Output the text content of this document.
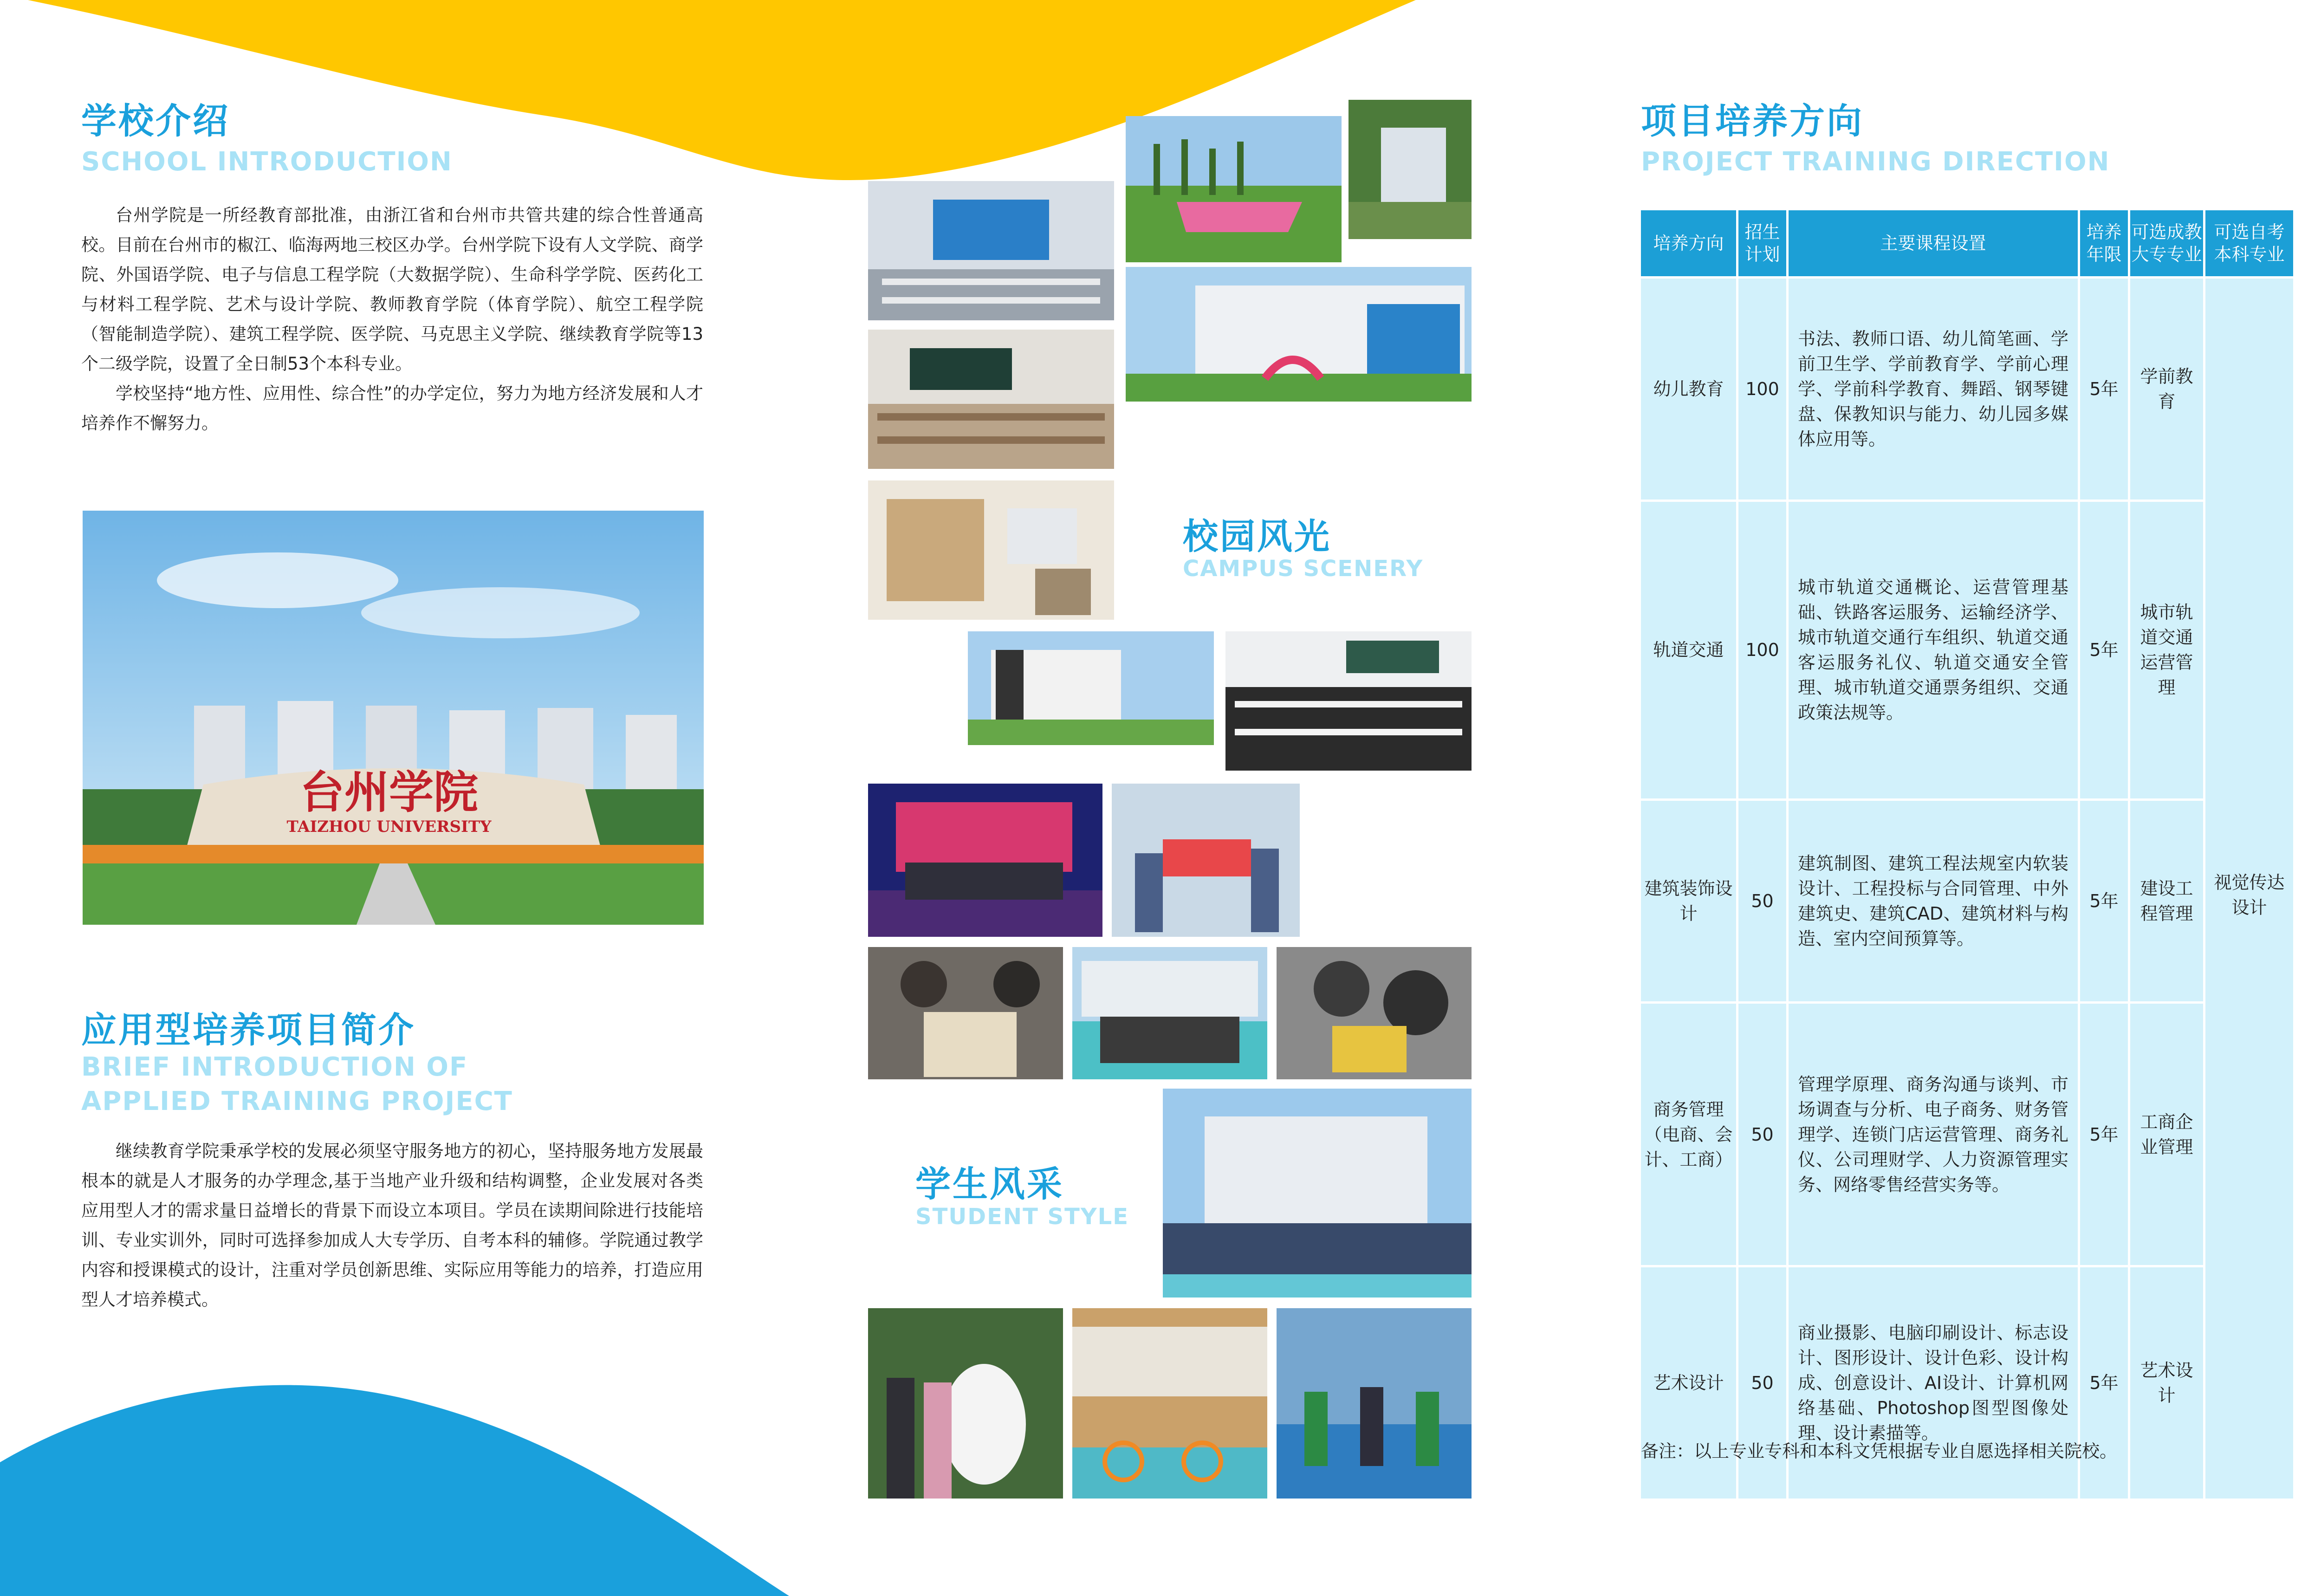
学校介绍
SCHOOL INTRODUCTION

台州学院是一所经教育部批准，由浙江省和台州市共管共建的综合性普通高校。目前在台州市的椒江、临海两地三校区办学。台州学院下设有人文学院、商学院、外国语学院、电子与信息工程学院（大数据学院）、生命科学学院、医药化工与材料工程学院、艺术与设计学院、教师教育学院（体育学院）、航空工程学院（智能制造学院）、建筑工程学院、医学院、马克思主义学院、继续教育学院等13个二级学院，设置了全日制53个本科专业。

学校坚持“地方性、应用性、综合性”的办学定位，努力为地方经济发展和人才培养作不懈努力。

台州学院
TAIZHOU UNIVERSITY
应用型培养项目简介
BRIEF INTRODUCTION OF
APPLIED TRAINING PROJECT

继续教育学院秉承学校的发展必须坚守服务地方的初心，坚持服务地方发展最根本的就是人才服务的办学理念,基于当地产业升级和结构调整，企业发展对各类应用型人才的需求量日益增长的背景下而设立本项目。学员在读期间除进行技能培训、专业实训外，同时可选择参加成人大专学历、自考本科的辅修。学院通过教学内容和授课模式的设计，注重对学员创新思维、实际应用等能力的培养，打造应用型人才培养模式。

校园风光
CAMPUS SCENERY
学生风采
STUDENT STYLE
项目培养方向
PROJECT TRAINING DIRECTION
培养方向	招生计划	主要课程设置	培养年限	可选成教大专专业	可选自考本科专业
幼儿教育	100	书法、教师口语、幼儿简笔画、学前卫生学、学前教育学、学前心理学、学前科学教育、舞蹈、钢琴键盘、保教知识与能力、幼儿园多媒体应用等。	5年	学前教育	视觉传达设计

轨道交通	100	城市轨道交通概论、运营管理基础、铁路客运服务、运输经济学、城市轨道交通行车组织、轨道交通客运服务礼仪、轨道交通安全管理、城市轨道交通票务组织、交通政策法规等。	5年	城市轨道交通运营管理	
建筑装饰设计	50	建筑制图、建筑工程法规室内软装设计、工程投标与合同管理、中外建筑史、建筑CAD、建筑材料与构造、室内空间预算等。	5年	建设工程管理	
商务管理（电商、会计、工商）	50	管理学原理、商务沟通与谈判、市场调查与分析、电子商务、财务管理学、连锁门店运营管理、商务礼仪、公司理财学、人力资源管理实务、网络零售经营实务等。	5年	工商企业管理	
艺术设计	50	商业摄影、电脑印刷设计、标志设计、图形设计、设计色彩、设计构成、创意设计、AI设计、计算机网络基础、Photoshop图型图像处理、设计素描等。	5年	艺术设计	
备注：以上专业专科和本科文凭根据专业自愿选择相关院校。
